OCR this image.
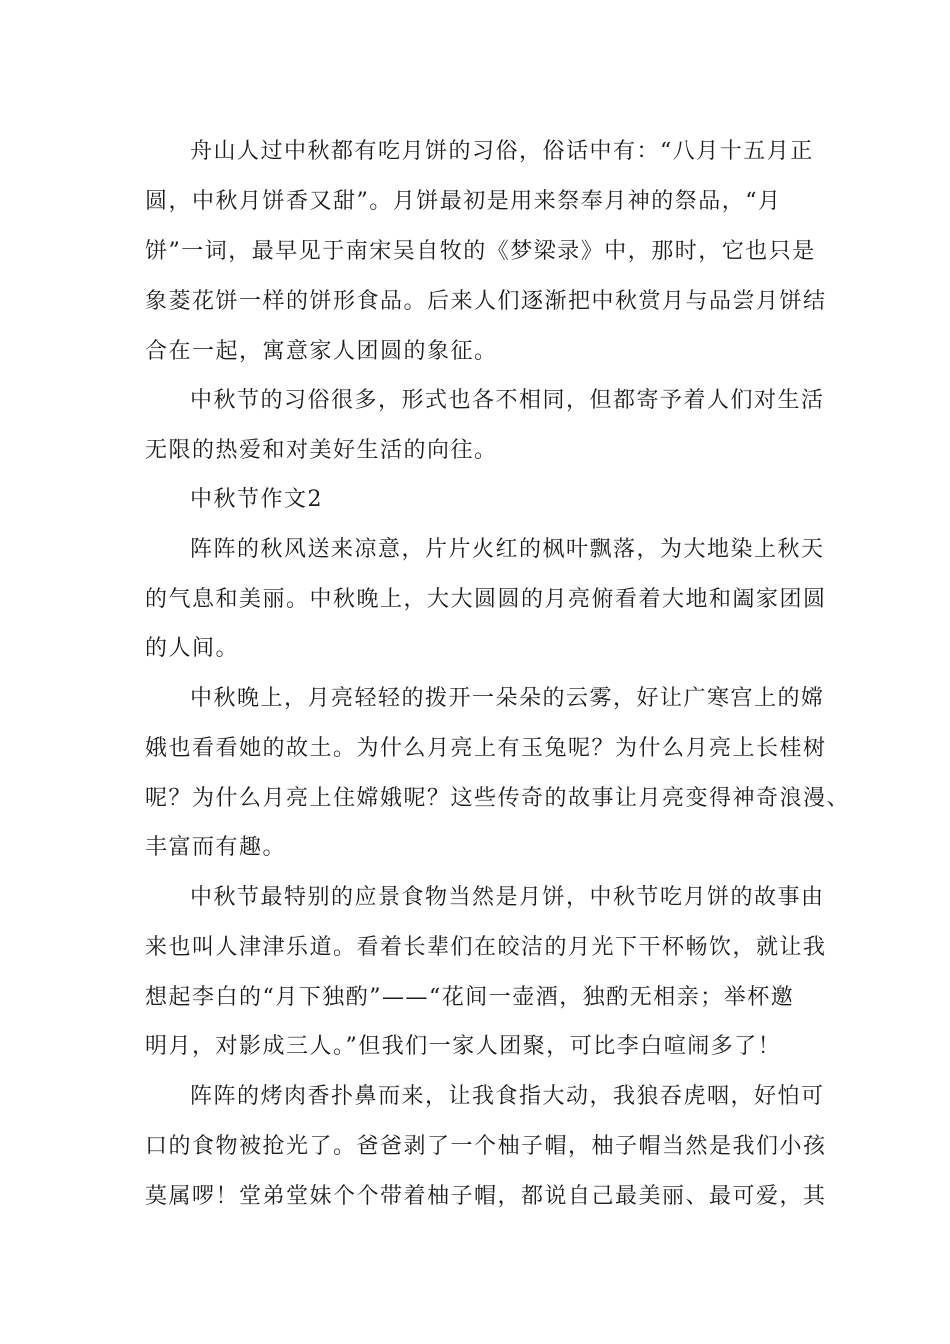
舟山人过中秋都有吃月饼的习俗，俗话中有：“八月十五月正
圆，中秋月饼香又甜”。月饼最初是用来祭奉月神的祭品，“月
饼”一词，最早见于南宋吴自牧的《梦梁录》中，那时，它也只是
象菱花饼一样的饼形食品。后来人们逐渐把中秋赏月与品尝月饼结
合在一起，寓意家人团圆的象征。
中秋节的习俗很多，形式也各不相同，但都寄予着人们对生活
无限的热爱和对美好生活的向往。
中秋节作文2
阵阵的秋风送来凉意，片片火红的枫叶飘落，为大地染上秋天
的气息和美丽。中秋晚上，大大圆圆的月亮俯看着大地和阖家团圆
的人间。
中秋晚上，月亮轻轻的拨开一朵朵的云雾，好让广寒宫上的嫦
娥也看看她的故土。为什么月亮上有玉兔呢？为什么月亮上长桂树
呢？为什么月亮上住嫦娥呢？这些传奇的故事让月亮变得神奇浪漫、
丰富而有趣。
中秋节最特别的应景食物当然是月饼，中秋节吃月饼的故事由
来也叫人津津乐道。看着长辈们在皎洁的月光下干杯畅饮，就让我
想起李白的“月下独酌”——“花间一壶酒，独酌无相亲；举杯邀
明月，对影成三人。”但我们一家人团聚，可比李白喧闹多了！
阵阵的烤肉香扑鼻而来，让我食指大动，我狼吞虎咽，好怕可
口的食物被抢光了。爸爸剥了一个柚子帽，柚子帽当然是我们小孩
莫属啰！堂弟堂妹个个带着柚子帽，都说自己最美丽、最可爱，其
